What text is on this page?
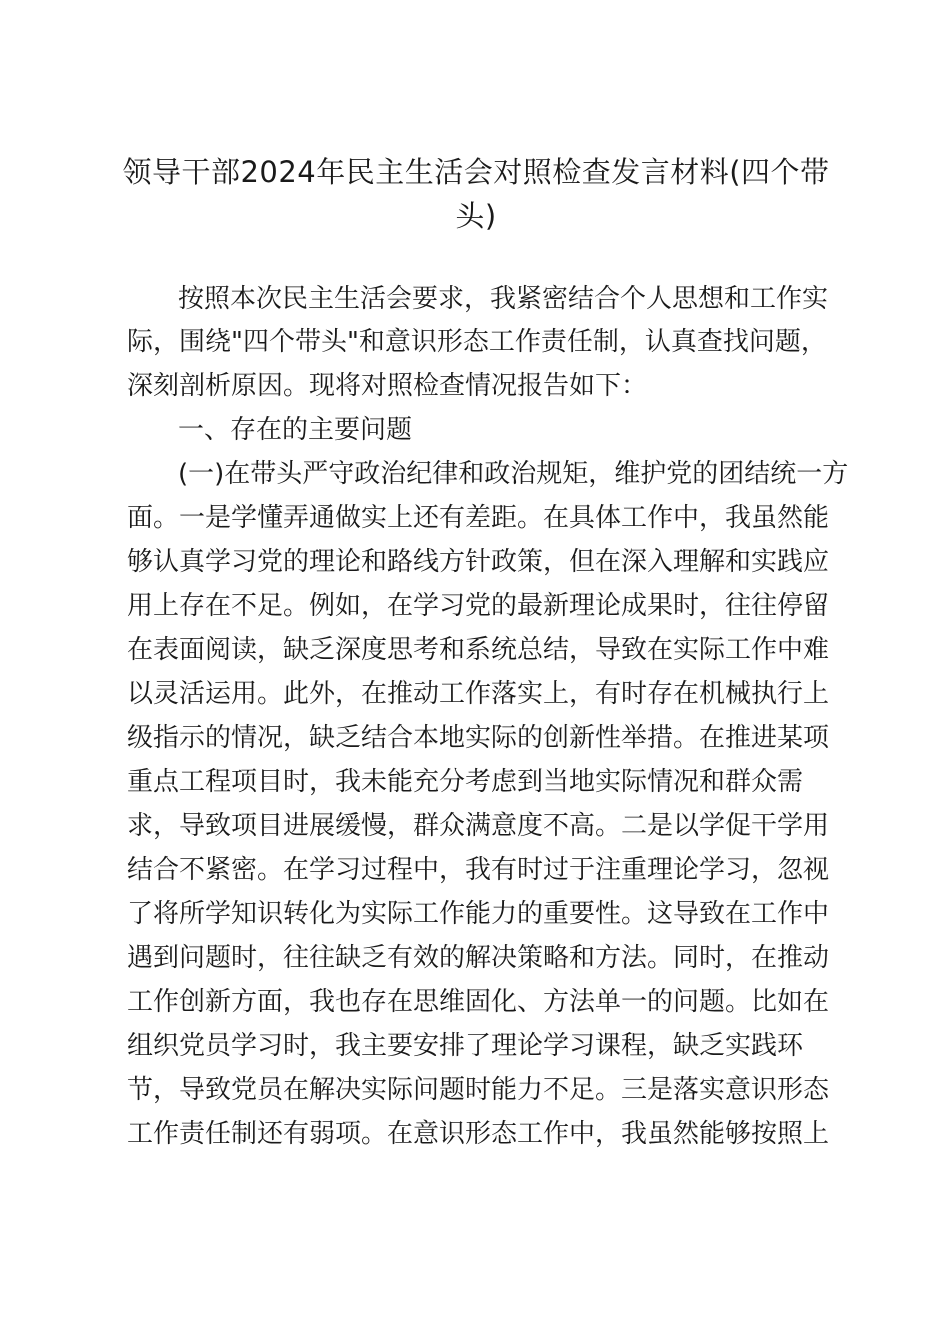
领导干部2024年民主生活会对照检查发言材料(四个带头)

按照本次民主生活会要求，我紧密结合个人思想和工作实

际，围绕"四个带头"和意识形态工作责任制，认真查找问题，

深刻剖析原因。现将对照检查情况报告如下：

一、存在的主要问题

(一)在带头严守政治纪律和政治规矩，维护党的团结统一方

面。一是学懂弄通做实上还有差距。在具体工作中，我虽然能

够认真学习党的理论和路线方针政策，但在深入理解和实践应

用上存在不足。例如，在学习党的最新理论成果时，往往停留

在表面阅读，缺乏深度思考和系统总结，导致在实际工作中难

以灵活运用。此外，在推动工作落实上，有时存在机械执行上

级指示的情况，缺乏结合本地实际的创新性举措。在推进某项

重点工程项目时，我未能充分考虑到当地实际情况和群众需

求，导致项目进展缓慢，群众满意度不高。二是以学促干学用

结合不紧密。在学习过程中，我有时过于注重理论学习，忽视

了将所学知识转化为实际工作能力的重要性。这导致在工作中

遇到问题时，往往缺乏有效的解决策略和方法。同时，在推动

工作创新方面，我也存在思维固化、方法单一的问题。比如在

组织党员学习时，我主要安排了理论学习课程，缺乏实践环

节，导致党员在解决实际问题时能力不足。三是落实意识形态

工作责任制还有弱项。在意识形态工作中，我虽然能够按照上
